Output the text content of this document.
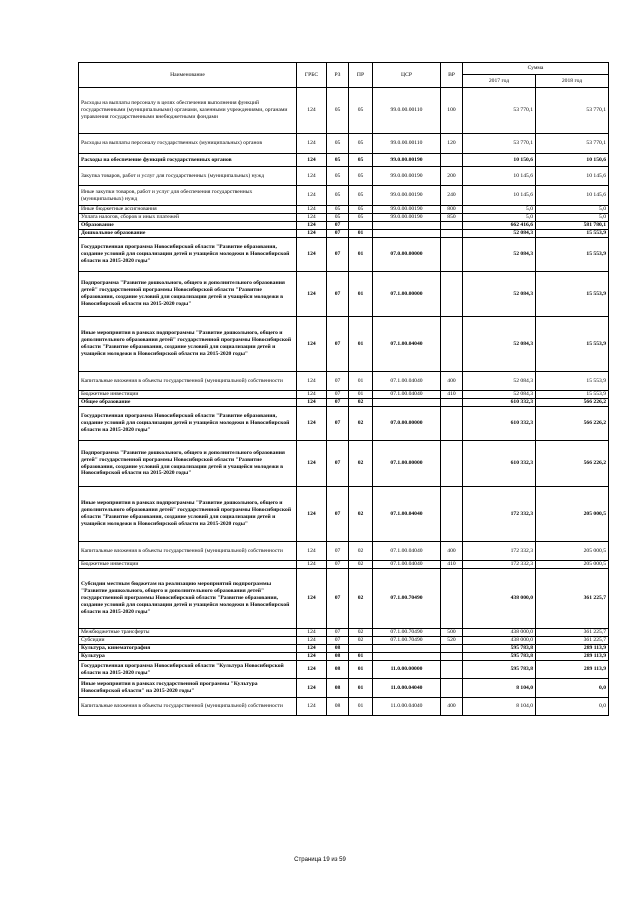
Наименование	ГРБС	РЗ	ПР	ЦСР	ВР	Сумма	
						2017 год	2018 год
Расходы на выплаты персоналу в целях обеспечения выполнения функций государственными (муниципальными) органами, казенными учреждениями, органами управления государственными внебюджетными фондами	124	05	05	99.0.00.00110	100	53 770,1	53 770,1
Расходы на выплаты персоналу государственных (муниципальных) органов	124	05	05	99.0.00.00110	120	53 770,1	53 770,1
Расходы на обеспечение функций государственных органов	124	05	05	99.0.00.00190		10 150,6	10 150,6
Закупка товаров, работ и услуг для государственных (муниципальных) нужд	124	05	05	99.0.00.00190	200	10 145,6	10 145,6
Иные закупки товаров, работ и услуг для обеспечения государственных (муниципальных) нужд	124	05	05	99.0.00.00190	240	10 145,6	10 145,6
Иные бюджетные ассигнования	124	05	05	99.0.00.00190	800	5,0	5,0
Уплата налогов, сборов и иных платежей	124	05	05	99.0.00.00190	850	5,0	5,0
Образование	124	07				662 416,6	581 780,1
Дошкольное образование	124	07	01			52 084,3	15 553,9
Государственная программа Новосибирской области "Развитие образования, создание условий для социализации детей и учащейся молодежи в Новосибирской области на 2015-2020 годы"	124	07	01	07.0.00.00000		52 084,3	15 553,9
Подпрограмма "Развитие дошкольного, общего и дополнительного образования детей" государственной программы Новосибирской области "Развитие образования, создание условий для социализации детей и учащейся молодежи в Новосибирской области на 2015-2020 годы"	124	07	01	07.1.00.00000		52 084,3	15 553,9
Иные мероприятия в рамках подпрограммы "Развитие дошкольного, общего и дополнительного образования детей" государственной программы Новосибирской области "Развитие образования, создание условий для социализации детей и учащейся молодежи в Новосибирской области на 2015-2020 годы"	124	07	01	07.1.00.04040		52 084,3	15 553,9
Капитальные вложения в объекты государственной (муниципальной) собственности	124	07	01	07.1.00.04040	400	52 084,3	15 553,9
Бюджетные инвестиции	124	07	01	07.1.00.04040	410	52 084,3	15 553,9
Общее образование	124	07	02			610 332,3	566 226,2
Государственная программа Новосибирской области "Развитие образования, создание условий для социализации детей и учащейся молодежи в Новосибирской области на 2015-2020 годы"	124	07	02	07.0.00.00000		610 332,3	566 226,2
Подпрограмма "Развитие дошкольного, общего и дополнительного образования детей" государственной программы Новосибирской области "Развитие образования, создание условий для социализации детей и учащейся молодежи в Новосибирской области на 2015-2020 годы"	124	07	02	07.1.00.00000		610 332,3	566 226,2
Иные мероприятия в рамках подпрограммы "Развитие дошкольного, общего и дополнительного образования детей" государственной программы Новосибирской области "Развитие образования, создание условий для социализации детей и учащейся молодежи в Новосибирской области на 2015-2020 годы"	124	07	02	07.1.00.04040		172 332,3	205 000,5
Капитальные вложения в объекты государственной (муниципальной) собственности	124	07	02	07.1.00.04040	400	172 332,3	205 000,5
Бюджетные инвестиции	124	07	02	07.1.00.04040	410	172 332,3	205 000,5
Субсидии местным бюджетам на реализацию мероприятий подпрограммы "Развитие дошкольного, общего и дополнительного образования детей" государственной программы Новосибирской области "Развитие образования, создание условий для социализации детей и учащейся молодежи в Новосибирской области на 2015-2020 годы"	124	07	02	07.1.00.70490		438 000,0	361 225,7
Межбюджетные трансферты	124	07	02	07.1.00.70490	500	438 000,0	361 225,7
Субсидии	124	07	02	07.1.00.70490	520	438 000,0	361 225,7
Культура, кинематография	124	08				595 783,8	289 113,9
Культура	124	08	01			595 783,8	289 113,9
Государственная программа Новосибирской области "Культура Новосибирской области на 2015-2020 годы"	124	08	01	11.0.00.00000		595 783,8	289 113,9
Иные мероприятия в рамках государственной программы "Культура Новосибирской области" на 2015-2020 годы"	124	08	01	11.0.00.04040		8 104,0	0,0
Капитальные вложения в объекты государственной (муниципальной) собственности	124	08	01	11.0.00.04040	400	8 104,0	0,0
Страница 19 из 59
